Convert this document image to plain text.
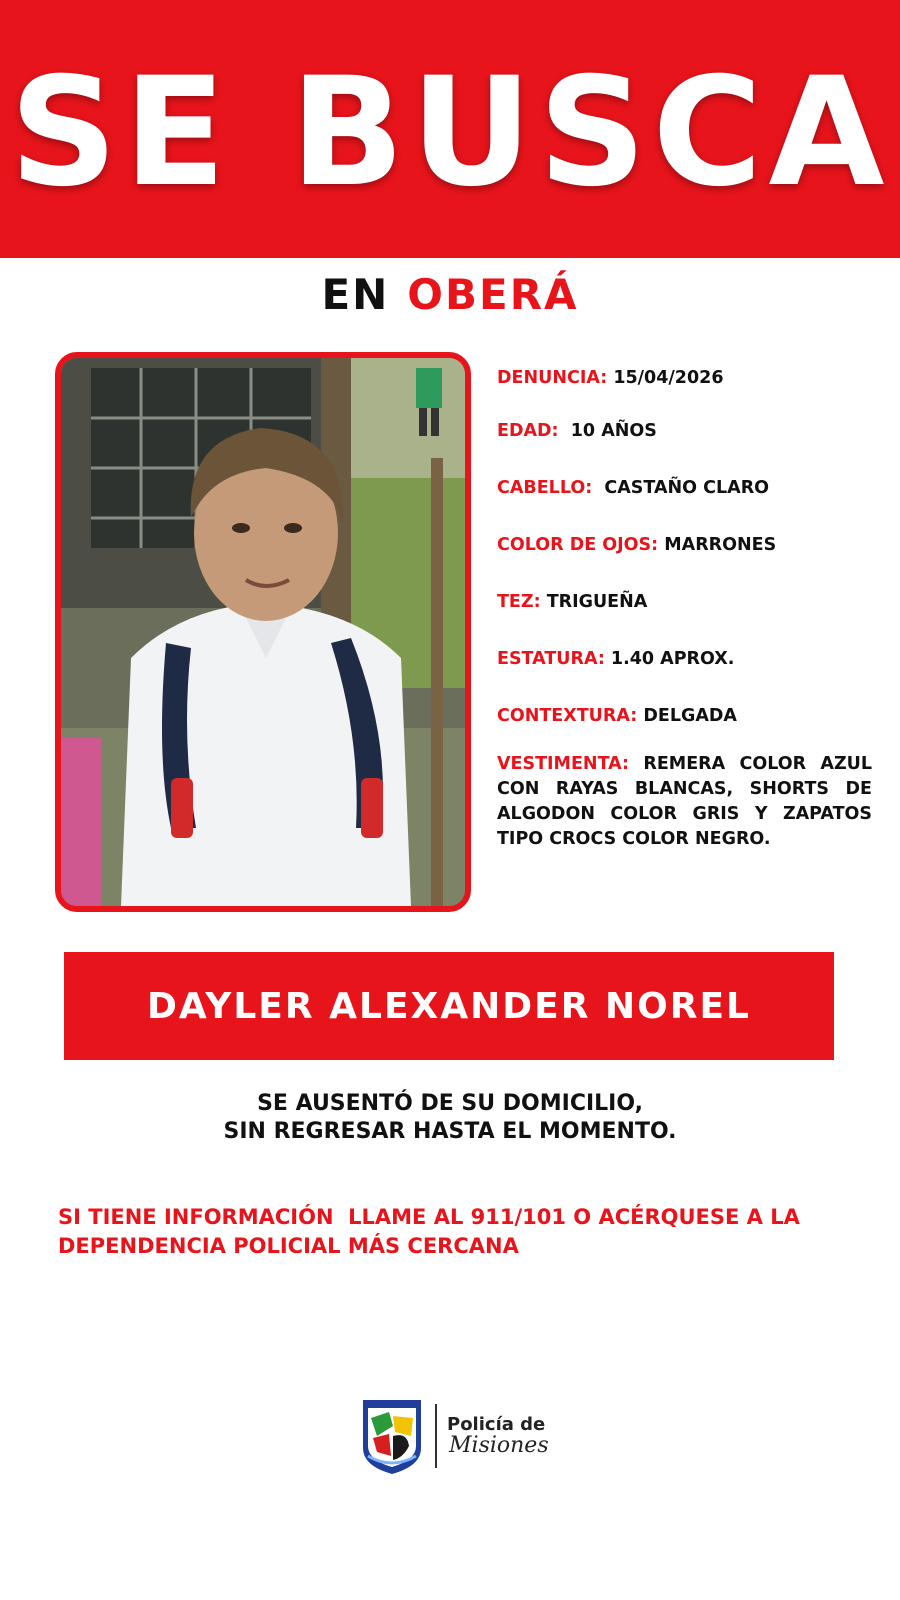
SE BUSCA
EN OBERÁ
DENUNCIA: 15/04/2026
EDAD: 10 AÑOS
CABELLO: CASTAÑO CLARO
COLOR DE OJOS: MARRONES
TEZ: TRIGUEÑA
ESTATURA: 1.40 APROX.
CONTEXTURA: DELGADA
VESTIMENTA: REMERA COLOR AZUL CON RAYAS BLANCAS, SHORTS DE ALGODON COLOR GRIS Y ZAPATOS TIPO CROCS COLOR NEGRO.
DAYLER ALEXANDER NOREL
SE AUSENTÓ DE SU DOMICILIO,
SIN REGRESAR HASTA EL MOMENTO.
SI TIENE INFORMACIÓN  LLAME AL 911/101 O ACÉRQUESE A LA
DEPENDENCIA POLICIAL MÁS CERCANA
Policía de
Misiones
